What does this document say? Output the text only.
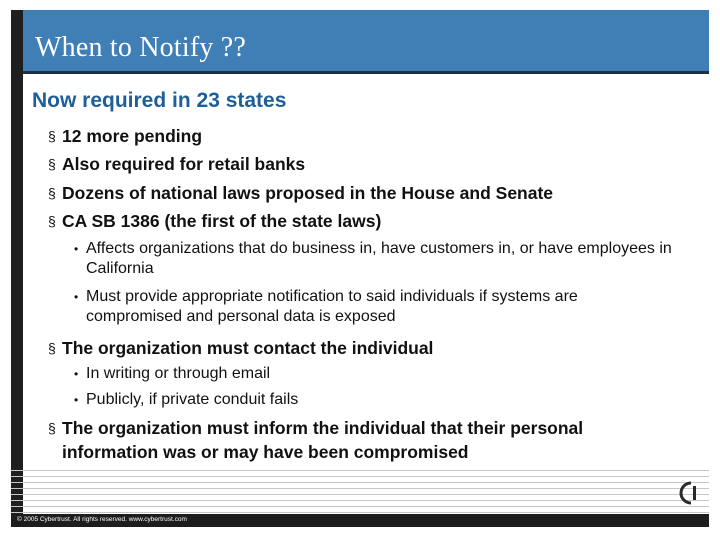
When to Notify ??
Now required in 23 states
§ 12 more pending
§ Also required for retail banks
§ Dozens of national laws proposed in the House and Senate
§ CA SB 1386 (the first of the state laws)
• Affects organizations that do business in, have customers in, or have employees in California
• Must provide appropriate notification to said individuals if systems are compromised and personal data is exposed
§ The organization must contact the individual
• In writing or through email
• Publicly, if private conduit fails
§ The organization must inform the individual that their personal information was or may have been compromised
© 2005 Cybertrust. All rights reserved. www.cybertrust.com
